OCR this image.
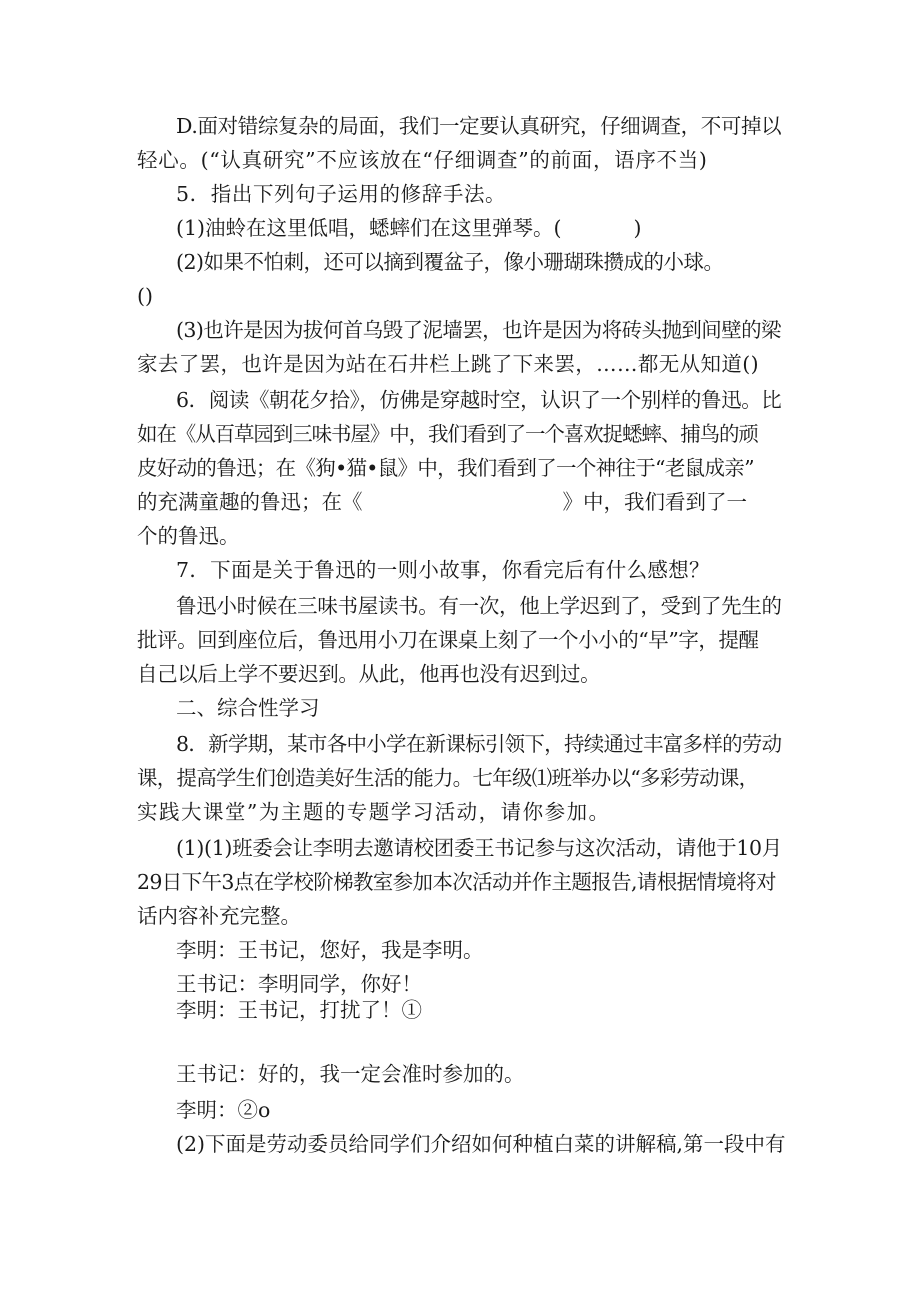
D.面对错综复杂的局面，我们一定要认真研究，仔细调查，不可掉以
轻心。(“认真研究”不应该放在“仔细调查”的前面，语序不当)
5．指出下列句子运用的修辞手法。
(1)油蛉在这里低唱，蟋蟀们在这里弹琴。(	)
(2)如果不怕刺，还可以摘到覆盆子，像小珊瑚珠攒成的小球。
()
(3)也许是因为拔何首乌毁了泥墙罢，也许是因为将砖头抛到间壁的梁
家去了罢，也许是因为站在石井栏上跳了下来罢，……都无从知道()
6．阅读《朝花夕拾》，仿佛是穿越时空，认识了一个别样的鲁迅。比
如在《从百草园到三味书屋》中，我们看到了一个喜欢捉蟋蟀、捕鸟的顽
皮好动的鲁迅；在《狗•猫•鼠》中，我们看到了一个神往于“老鼠成亲”
的充满童趣的鲁迅；在《	》中，我们看到了一
个的鲁迅。
7．下面是关于鲁迅的一则小故事，你看完后有什么感想？
鲁迅小时候在三味书屋读书。有一次，他上学迟到了，受到了先生的
批评。回到座位后，鲁迅用小刀在课桌上刻了一个小小的“早”字，提醒
自己以后上学不要迟到。从此，他再也没有迟到过。
二、综合性学习
8．新学期，某市各中小学在新课标引领下，持续通过丰富多样的劳动
课，提高学生们创造美好生活的能力。七年级⑴班举办以“多彩劳动课，
实践大课堂”为主题的专题学习活动，请你参加。
(1)(1)班委会让李明去邀请校团委王书记参与这次活动，请他于10月
29日下午3点在学校阶梯教室参加本次活动并作主题报告,请根据情境将对
话内容补充完整。
李明：王书记，您好，我是李明。
王书记：李明同学，你好！
李明：王书记，打扰了！①
王书记：好的，我一定会准时参加的。
李明：②o
(2)下面是劳动委员给同学们介绍如何种植白菜的讲解稿,第一段中有
